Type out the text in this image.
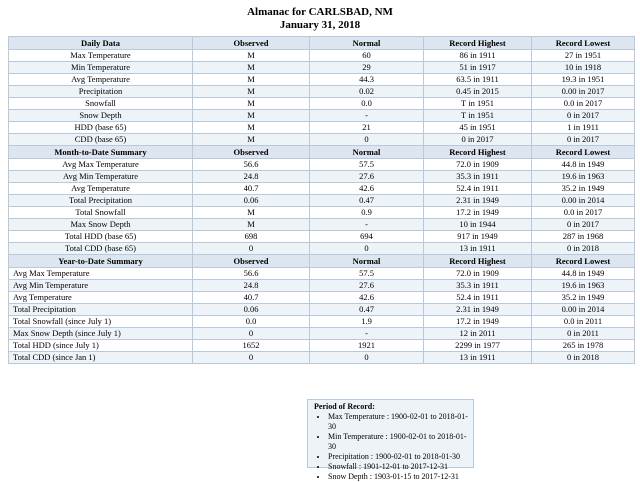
Almanac for CARLSBAD, NM
January 31, 2018
Daily Data	Observed	Normal	Record Highest	Record Lowest
Max Temperature	M	60	86 in 1911	27 in 1951
Min Temperature	M	29	51 in 1917	10 in 1918
Avg Temperature	M	44.3	63.5 in 1911	19.3 in 1951
Precipitation	M	0.02	0.45 in 2015	0.00 in 2017
Snowfall	M	0.0	T in 1951	0.0 in 2017
Snow Depth	M	-	T in 1951	0 in 2017
HDD (base 65)	M	21	45 in 1951	1 in 1911
CDD (base 65)	M	0	0 in 2017	0 in 2017
Month-to-Date Summary	Observed	Normal	Record Highest	Record Lowest
Avg Max Temperature	56.6	57.5	72.0 in 1909	44.8 in 1949
Avg Min Temperature	24.8	27.6	35.3 in 1911	19.6 in 1963
Avg Temperature	40.7	42.6	52.4 in 1911	35.2 in 1949
Total Precipitation	0.06	0.47	2.31 in 1949	0.00 in 2014
Total Snowfall	M	0.9	17.2 in 1949	0.0 in 2017
Max Snow Depth	M	-	10 in 1944	0 in 2017
Total HDD (base 65)	698	694	917 in 1949	287 in 1968
Total CDD (base 65)	0	0	13 in 1911	0 in 2018
Year-to-Date Summary	Observed	Normal	Record Highest	Record Lowest
Avg Max Temperature	56.6	57.5	72.0 in 1909	44.8 in 1949
Avg Min Temperature	24.8	27.6	35.3 in 1911	19.6 in 1963
Avg Temperature	40.7	42.6	52.4 in 1911	35.2 in 1949
Total Precipitation	0.06	0.47	2.31 in 1949	0.00 in 2014
Total Snowfall (since July 1)	0.0	1.9	17.2 in 1949	0.0 in 2011
Max Snow Depth (since July 1)	0	-	12 in 2011	0 in 2011
Total HDD (since July 1)	1652	1921	2299 in 1977	265 in 1978
Total CDD (since Jan 1)	0	0	13 in 1911	0 in 2018
Period of Record:
• Max Temperature : 1900-02-01 to 2018-01-30
• Min Temperature : 1900-02-01 to 2018-01-30
• Precipitation : 1900-02-01 to 2018-01-30
• Snowfall : 1901-12-01 to 2017-12-31
• Snow Depth : 1903-01-15 to 2017-12-31
